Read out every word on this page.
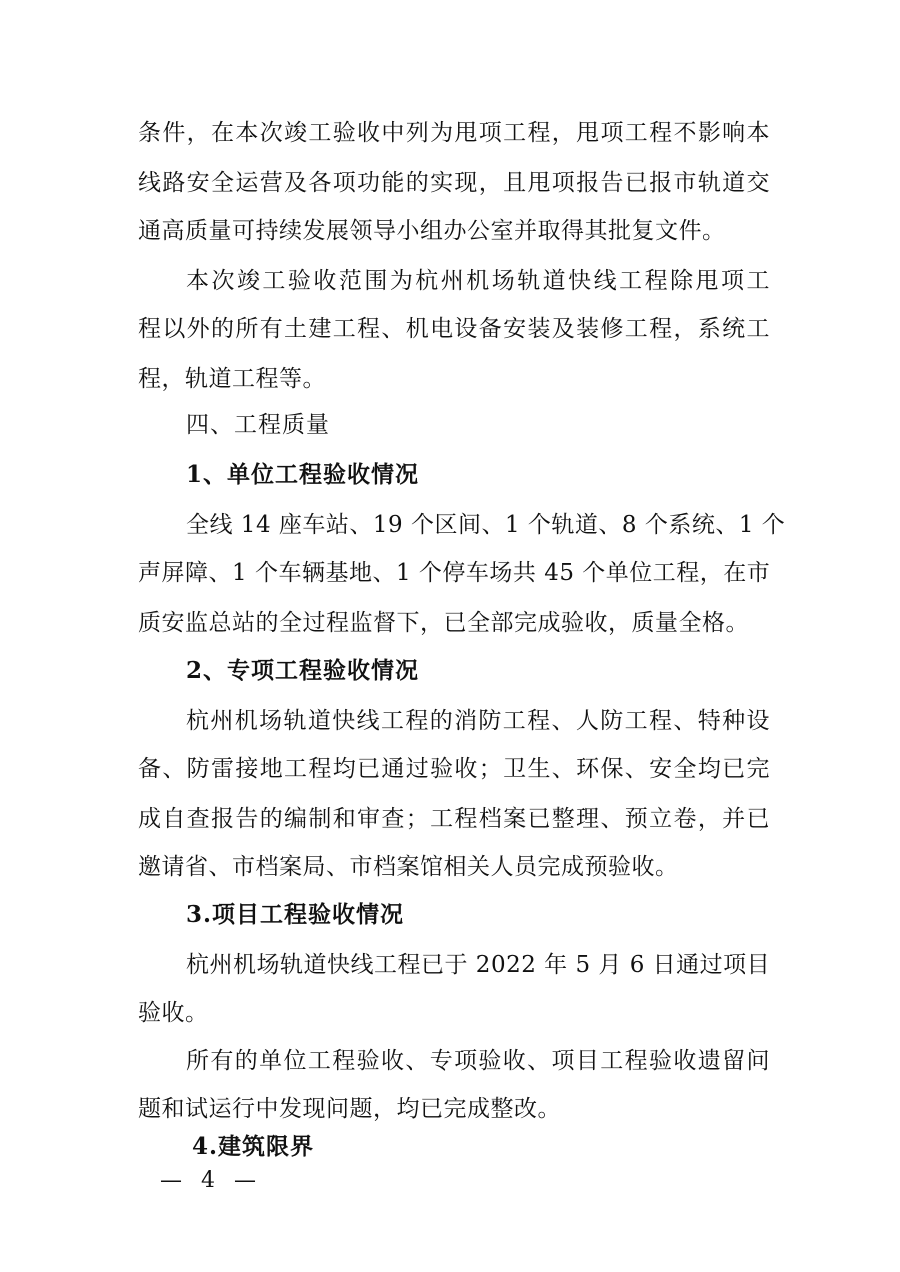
条件，在本次竣工验收中列为甩项工程，甩项工程不影响本
线路安全运营及各项功能的实现，且甩项报告已报市轨道交
通高质量可持续发展领导小组办公室并取得其批复文件。
本次竣工验收范围为杭州机场轨道快线工程除甩项工
程以外的所有土建工程、机电设备安装及装修工程，系统工
程，轨道工程等。
四、工程质量
1、单位工程验收情况
全线 14 座车站、19 个区间、1 个轨道、8 个系统、1 个
声屏障、1 个车辆基地、1 个停车场共 45 个单位工程，在市
质安监总站的全过程监督下，已全部完成验收，质量全格。
2、专项工程验收情况
杭州机场轨道快线工程的消防工程、人防工程、特种设
备、防雷接地工程均已通过验收；卫生、环保、安全均已完
成自查报告的编制和审查；工程档案已整理、预立卷，并已
邀请省、市档案局、市档案馆相关人员完成预验收。
3.项目工程验收情况
杭州机场轨道快线工程已于 2022 年 5 月 6 日通过项目
验收。
所有的单位工程验收、专项验收、项目工程验收遗留问
题和试运行中发现问题，均已完成整改。
4.建筑限界
— 4 —
